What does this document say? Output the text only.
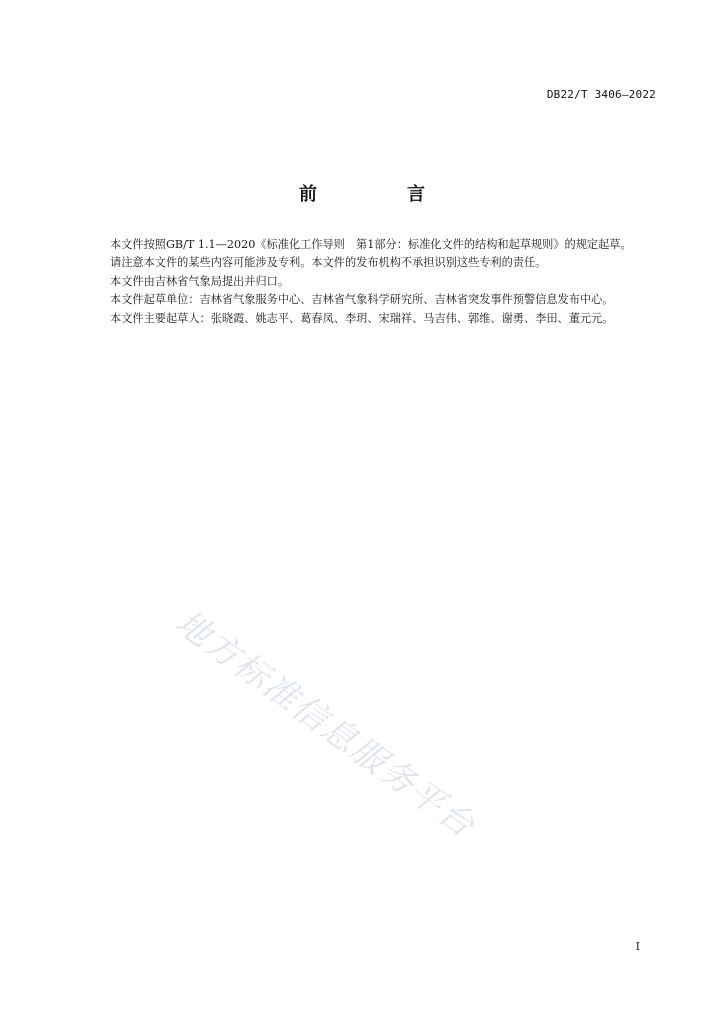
DB22/T 3406—2022
前　言

本文件按照GB/T 1.1—2020《标准化工作导则　第1部分：标准化文件的结构和起草规则》的规定起草。

请注意本文件的某些内容可能涉及专利。本文件的发布机构不承担识别这些专利的责任。

本文件由吉林省气象局提出并归口。

本文件起草单位：吉林省气象服务中心、吉林省气象科学研究所、吉林省突发事件预警信息发布中心。

本文件主要起草人：张晓霞、姚志平、葛春凤、李玥、宋瑞祥、马吉伟、郭维、谢勇、李田、董元元。

地方标准信息服务平台
I
